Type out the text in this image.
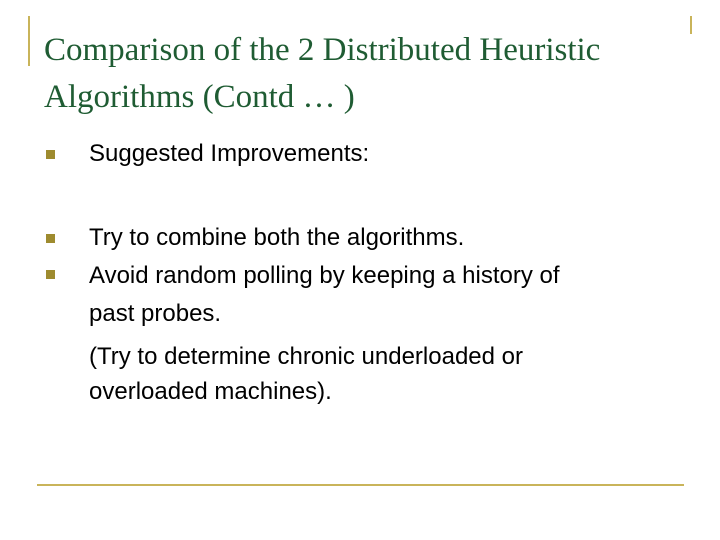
Comparison of the 2 Distributed Heuristic
Algorithms (Contd … )

Suggested Improvements:

Try to combine both the algorithms.

Avoid random polling by keeping a history of

past probes.

(Try to determine chronic underloaded or

overloaded machines).
